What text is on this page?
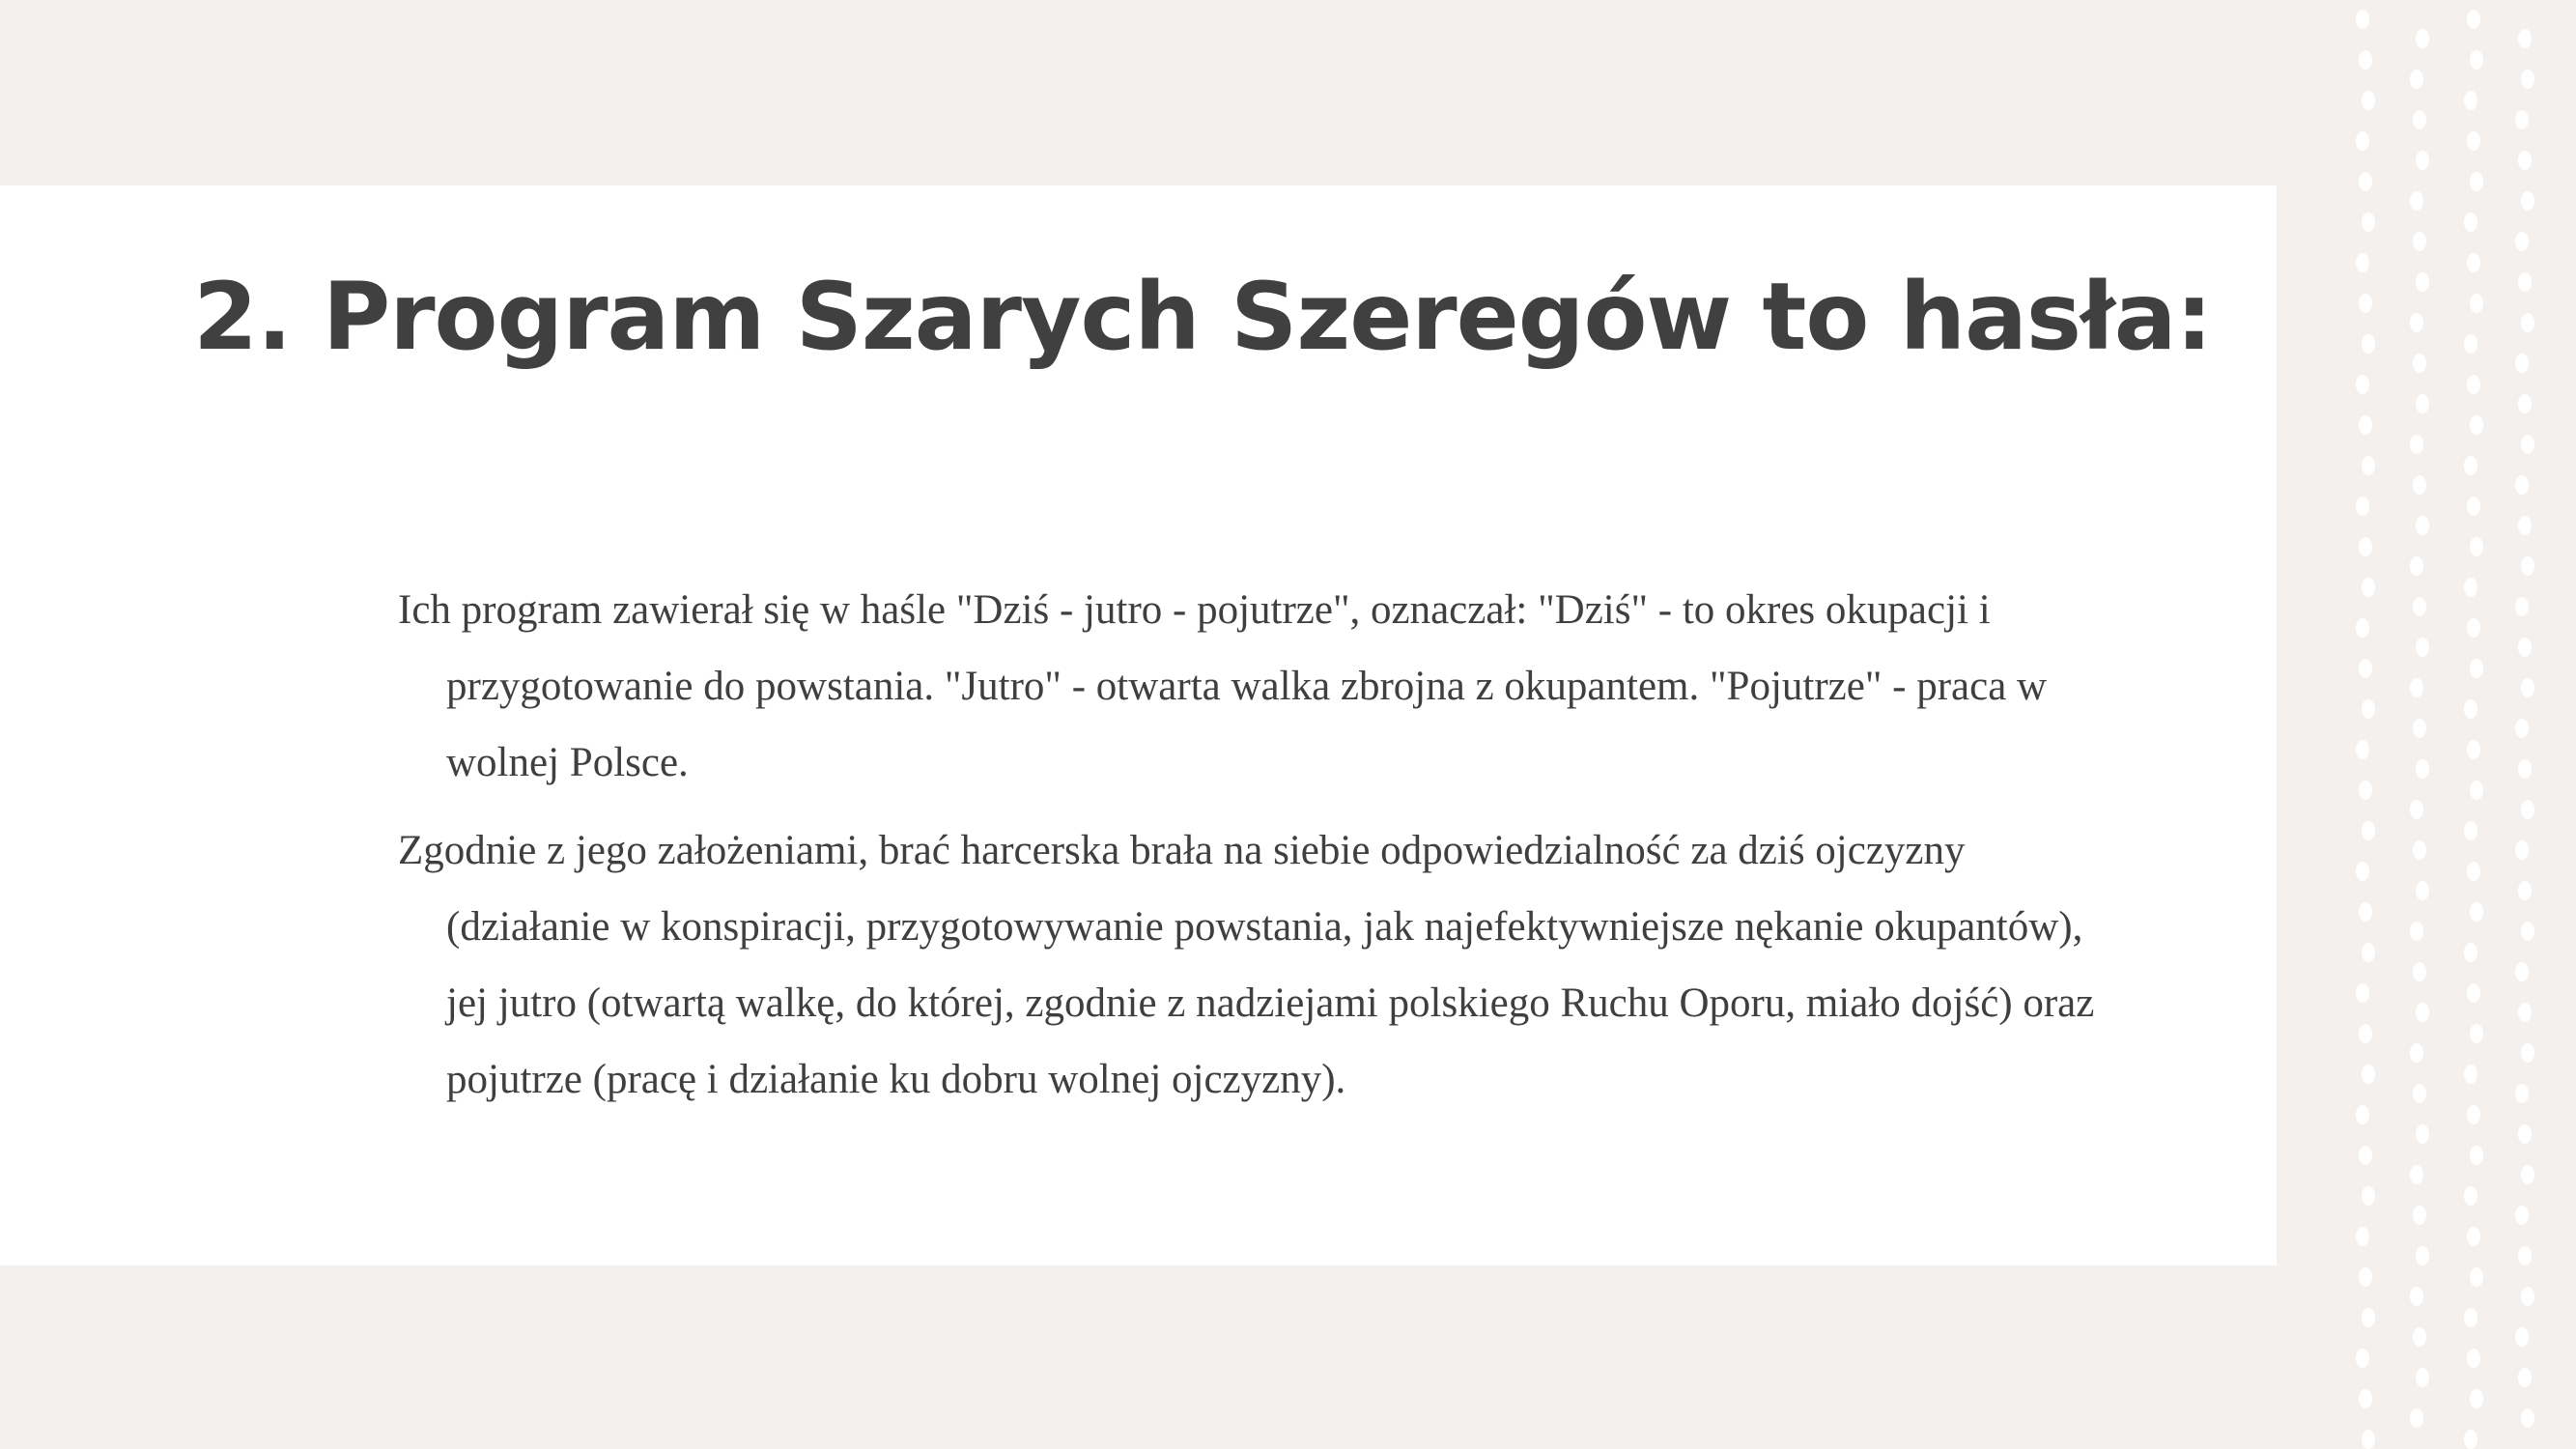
2. Program Szarych Szeregów to hasła:

Ich program zawierał się w haśle "Dziś - jutro - pojutrze", oznaczał: "Dziś" - to okres okupacji i przygotowanie do powstania. "Jutro" - otwarta walka zbrojna z okupantem. "Pojutrze" - praca w wolnej Polsce.

Zgodnie z jego założeniami, brać harcerska brała na siebie odpowiedzialność za dziś ojczyzny (działanie w konspiracji, przygotowywanie powstania, jak najefektywniejsze nękanie okupantów), jej jutro (otwartą walkę, do której, zgodnie z nadziejami polskiego Ruchu Oporu, miało dojść) oraz pojutrze (pracę i działanie ku dobru wolnej ojczyzny).
